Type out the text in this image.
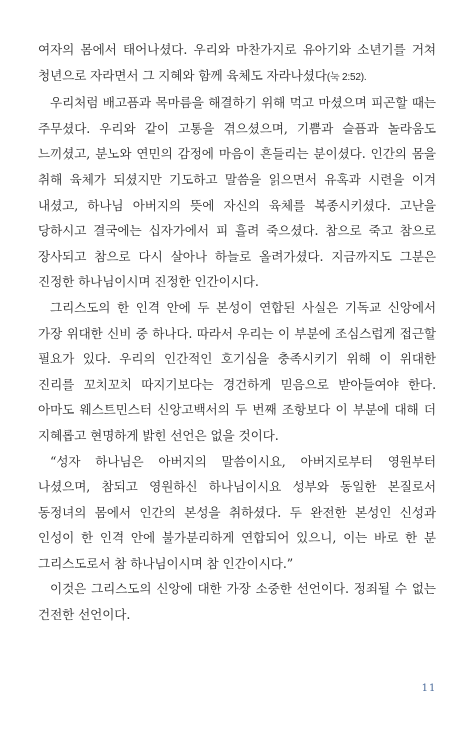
여자의 몸에서 태어나셨다. 우리와 마찬가지로 유아기와 소년기를 거쳐 청년으로 자라면서 그 지혜와 함께 육체도 자라나셨다(눅 2:52).

우리처럼 배고픔과 목마름을 해결하기 위해 먹고 마셨으며 피곤할 때는 주무셨다. 우리와 같이 고통을 겪으셨으며, 기쁨과 슬픔과 놀라움도 느끼셨고, 분노와 연민의 감정에 마음이 흔들리는 분이셨다. 인간의 몸을 취해 육체가 되셨지만 기도하고 말씀을 읽으면서 유혹과 시련을 이겨 내셨고, 하나님 아버지의 뜻에 자신의 육체를 복종시키셨다. 고난을 당하시고 결국에는 십자가에서 피 흘려 죽으셨다. 참으로 죽고 참으로 장사되고 참으로 다시 살아나 하늘로 올려가셨다. 지금까지도 그분은 진정한 하나님이시며 진정한 인간이시다.

그리스도의 한 인격 안에 두 본성이 연합된 사실은 기독교 신앙에서 가장 위대한 신비 중 하나다. 따라서 우리는 이 부분에 조심스럽게 접근할 필요가 있다. 우리의 인간적인 호기심을 충족시키기 위해 이 위대한 진리를 꼬치꼬치 따지기보다는 경건하게 믿음으로 받아들여야 한다. 아마도 웨스트민스터 신앙고백서의 두 번째 조항보다 이 부분에 대해 더 지혜롭고 현명하게 밝힌 선언은 없을 것이다.

“성자 하나님은 아버지의 말씀이시요, 아버지로부터 영원부터 나셨으며, 참되고 영원하신 하나님이시요 성부와 동일한 본질로서 동정녀의 몸에서 인간의 본성을 취하셨다. 두 완전한 본성인 신성과 인성이 한 인격 안에 불가분리하게 연합되어 있으니, 이는 바로 한 분 그리스도로서 참 하나님이시며 참 인간이시다.”

이것은 그리스도의 신앙에 대한 가장 소중한 선언이다. 정죄될 수 없는 건전한 선언이다.

11
